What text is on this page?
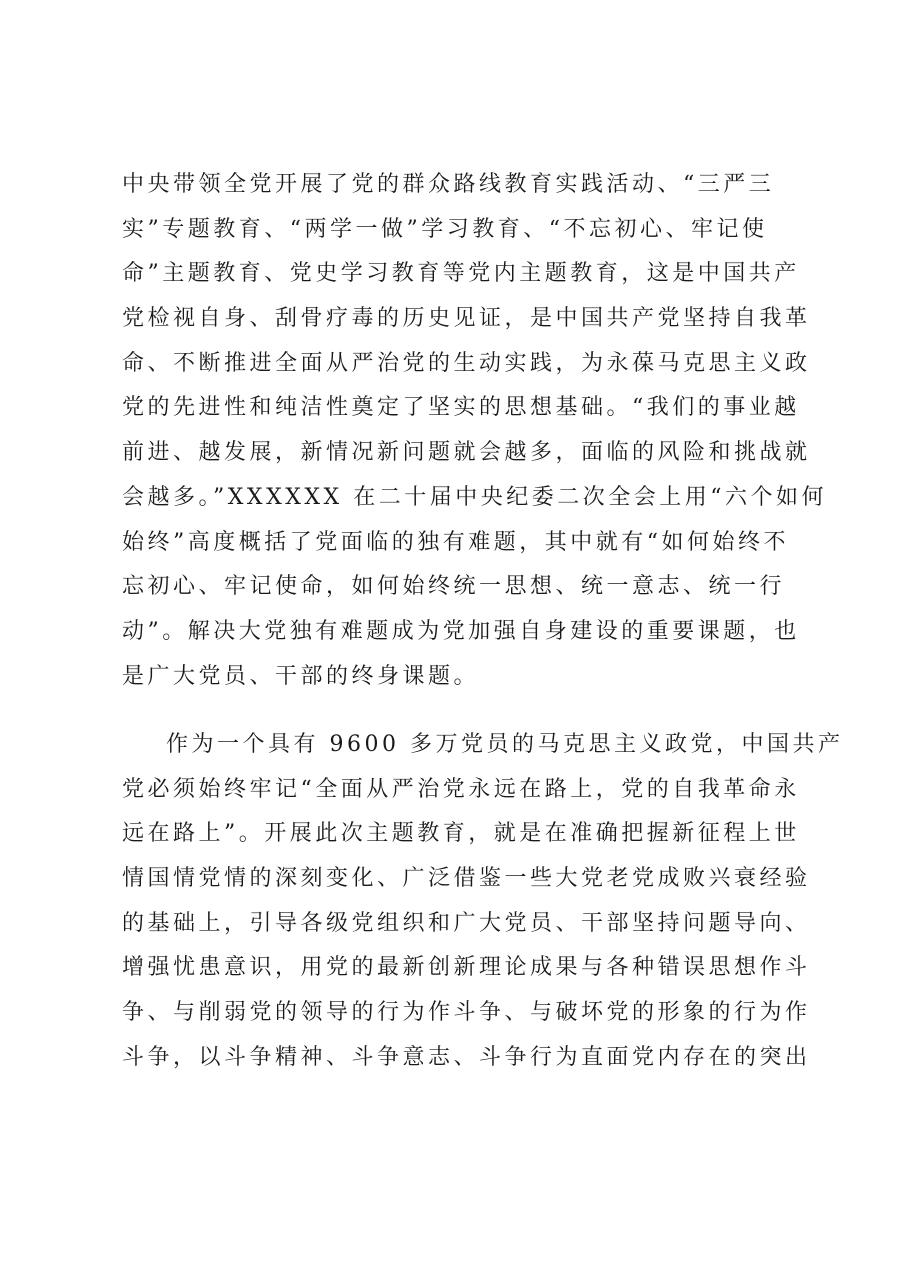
中央带领全党开展了党的群众路线教育实践活动、“三严三
实”专题教育、“两学一做”学习教育、“不忘初心、牢记使
命”主题教育、党史学习教育等党内主题教育，这是中国共产
党检视自身、刮骨疗毒的历史见证，是中国共产党坚持自我革
命、不断推进全面从严治党的生动实践，为永葆马克思主义政
党的先进性和纯洁性奠定了坚实的思想基础。“我们的事业越
前进、越发展，新情况新问题就会越多，面临的风险和挑战就
会越多。”XXXXXX 在二十届中央纪委二次全会上用“六个如何
始终”高度概括了党面临的独有难题，其中就有“如何始终不
忘初心、牢记使命，如何始终统一思想、统一意志、统一行
动”。解决大党独有难题成为党加强自身建设的重要课题，也
是广大党员、干部的终身课题。
作为一个具有 9600 多万党员的马克思主义政党，中国共产
党必须始终牢记“全面从严治党永远在路上，党的自我革命永
远在路上”。开展此次主题教育，就是在准确把握新征程上世
情国情党情的深刻变化、广泛借鉴一些大党老党成败兴衰经验
的基础上，引导各级党组织和广大党员、干部坚持问题导向、
增强忧患意识，用党的最新创新理论成果与各种错误思想作斗
争、与削弱党的领导的行为作斗争、与破坏党的形象的行为作
斗争，以斗争精神、斗争意志、斗争行为直面党内存在的突出
